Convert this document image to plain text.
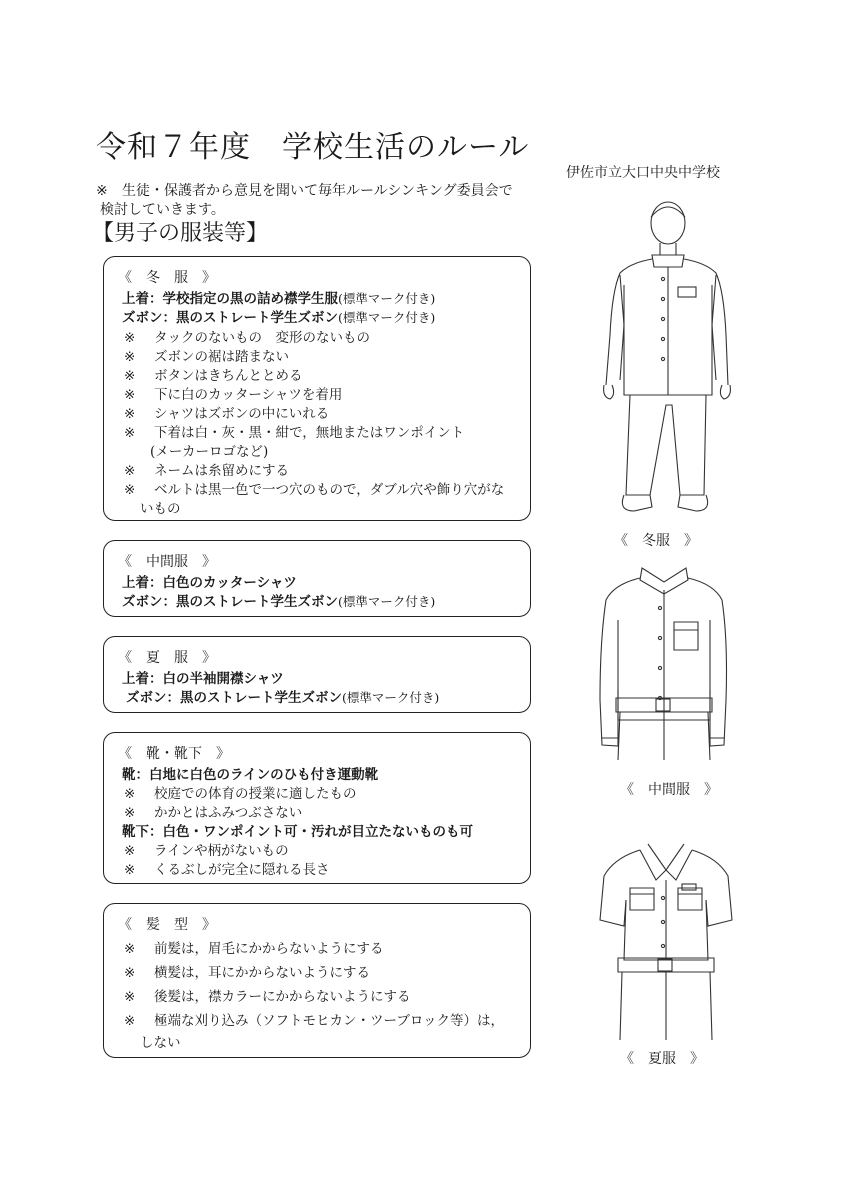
令和７年度　学校生活のルール
伊佐市立大口中央中学校
※ 生徒・保護者から意見を聞いて毎年ルールシンキング委員会で
検討していきます。
【男子の服装等】
《　冬　服　》
上着：学校指定の黒の詰め襟学生服(標準マーク付き)
ズボン：黒のストレート学生ズボン(標準マーク付き)
※ タックのないもの　変形のないもの
※ ズボンの裾は踏まない
※ ボタンはきちんととめる
※ 下に白のカッターシャツを着用
※ シャツはズボンの中にいれる
※ 下着は白・灰・黒・紺で，無地またはワンポイント
(メーカーロゴなど)
※ ネームは糸留めにする
※ ベルトは黒一色で一つ穴のもので，ダブル穴や飾り穴がな
いもの
《　中間服　》
上着：白色のカッターシャツ
ズボン：黒のストレート学生ズボン(標準マーク付き)
《　夏　服　》
上着：白の半袖開襟シャツ
ズボン：黒のストレート学生ズボン(標準マーク付き)
《　靴・靴下　》
靴：白地に白色のラインのひも付き運動靴
※ 校庭での体育の授業に適したもの
※ かかとはふみつぶさない
靴下：白色・ワンポイント可・汚れが目立たないものも可
※ ラインや柄がないもの
※ くるぶしが完全に隠れる長さ
《　髪　型　》
※ 前髪は，眉毛にかからないようにする
※ 横髪は，耳にかからないようにする
※ 後髪は，襟カラーにかからないようにする
※ 極端な刈り込み（ソフトモヒカン・ツーブロック等）は，
しない
《　冬服　》
《　中間服　》
《　夏服　》
